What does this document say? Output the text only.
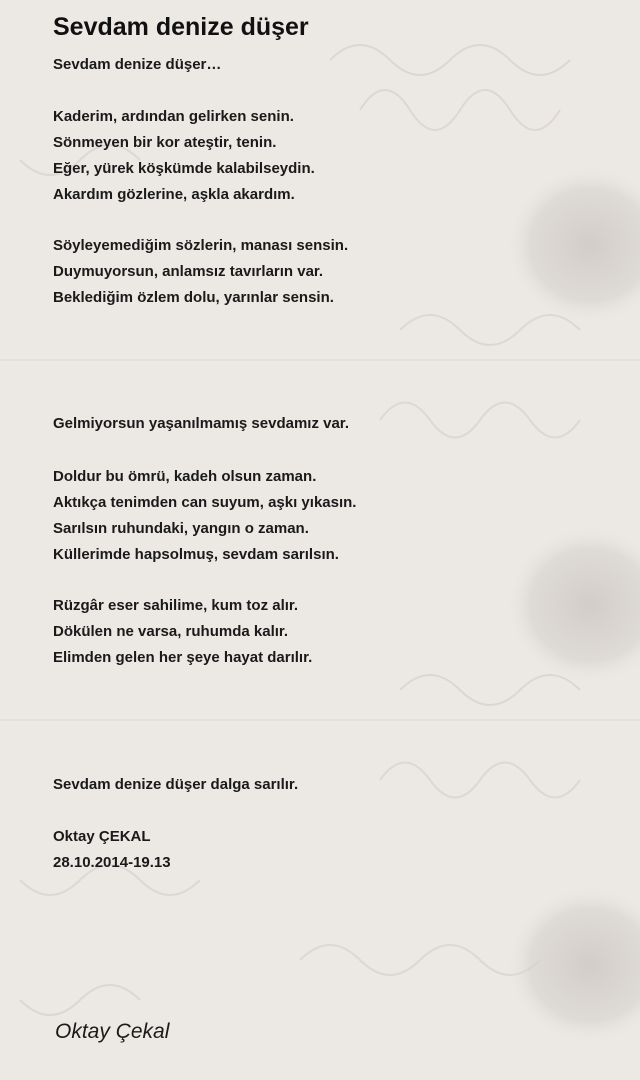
Sevdam denize düşer

Sevdam denize düşer…

Kaderim, ardından gelirken senin.

Sönmeyen bir kor ateştir, tenin.

Eğer, yürek köşkümde kalabilseydin.

Akardım gözlerine, aşkla akardım.

Söyleyemediğim sözlerin, manası sensin.

Duymuyorsun, anlamsız tavırların var.

Beklediğim özlem dolu, yarınlar sensin.

Gelmiyorsun yaşanılmamış sevdamız var.

Doldur bu ömrü, kadeh olsun zaman.

Aktıkça tenimden can suyum, aşkı yıkasın.

Sarılsın ruhundaki, yangın o zaman.

Küllerimde hapsolmuş, sevdam sarılsın.

Rüzgâr eser sahilime, kum toz alır.

Dökülen ne varsa, ruhumda kalır.

Elimden gelen her şeye hayat darılır.

Sevdam denize düşer dalga sarılır.

Oktay ÇEKAL

28.10.2014-19.13

Oktay Çekal
